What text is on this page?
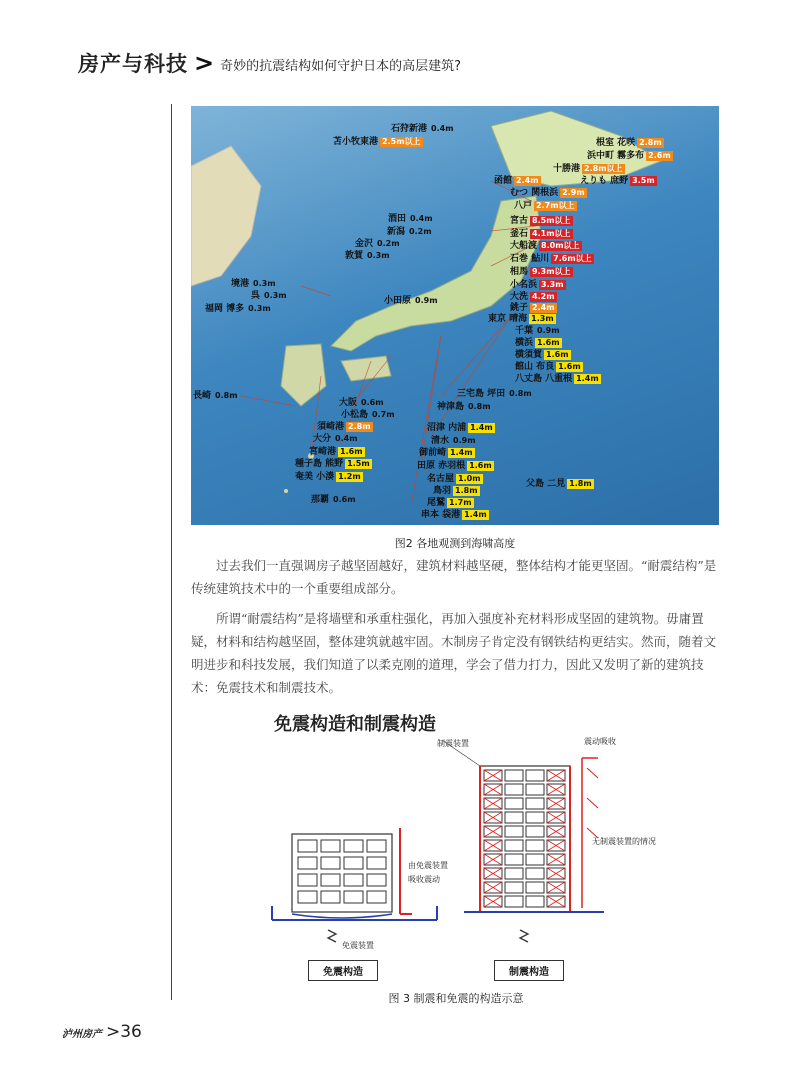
房产与科技 > 奇妙的抗震结构如何守护日本的高层建筑?
石狩新港 0.4m
苫小牧東港 2.5m以上	根室 花咲 2.8m
浜中町 霧多布 2.6m
十勝港 2.8m以上
函館 2.4m	えりも 庶野 3.5m
むつ 関根浜 2.9m
八戸 2.7m以上
宮古 8.5m以上
釜石 4.1m以上
大船渡 8.0m以上
石巻 鮎川 7.6m以上
相馬 9.3m以上
小名浜 3.3m
大洗 4.2m
銚子 2.4m
東京 晴海 1.3m
千葉 0.9m
横浜 1.6m
横須賀 1.6m
館山 布良 1.6m
八丈島 八重根 1.4m
三宅島 坪田 0.8m
神津島 0.8m
酒田 0.4m
新潟 0.2m
金沢 0.2m
敦賀 0.3m
境港 0.3m
呉 0.3m
福岡 博多 0.3m
小田原 0.9m
長崎 0.8m
大阪 0.6m
小松島 0.7m
須崎港 2.8m
大分 0.4m
宮崎港 1.6m
種子島 熊野 1.5m
奄美 小湊 1.2m
那覇 0.6m
沼津 内浦 1.4m
清水 0.9m
御前崎 1.4m
田原 赤羽根 1.6m
名古屋 1.0m
鳥羽 1.8m
尾鷲 1.7m
串本 袋港 1.4m
父島 二見 1.8m
图2 各地观测到海啸高度

过去我们一直强调房子越坚固越好，建筑材料越坚硬，整体结构才能更坚固。“耐震结构”是传统建筑技术中的一个重要组成部分。

所谓“耐震结构”是将墙壁和承重柱强化，再加入强度补充材料形成坚固的建筑物。毋庸置疑，材料和结构越坚固，整体建筑就越牢固。木制房子肯定没有钢铁结构更结实。然而，随着文明进步和科技发展，我们知道了以柔克刚的道理，学会了借力打力，因此又发明了新的建筑技术：免震技术和制震技术。

免震构造和制震构造
制震装置	震动吸收
无制震装置的情况
由免震装置
吸收震动
免震装置
免震构造	制震构造
图 3 制震和免震的构造示意
泸州房产 >36
